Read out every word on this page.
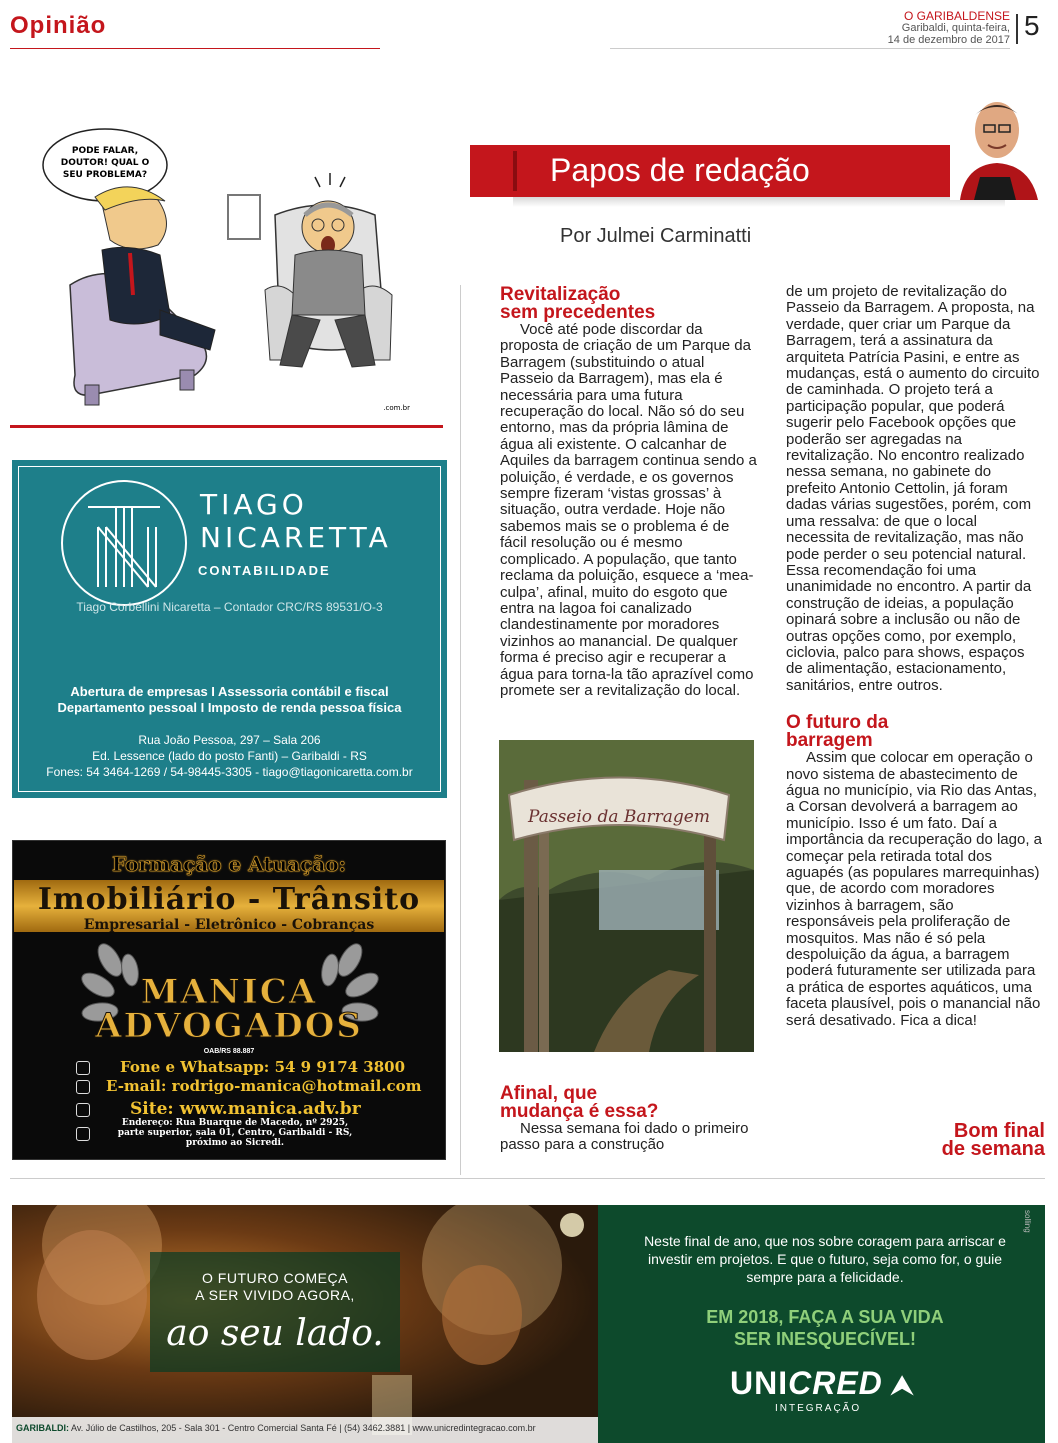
Opinião	O GARIBALDENSE
Garibaldi, quinta-feira,
14 de dezembro de 2017 5
PODE FALAR,
DOUTOR! QUAL O
SEU PROBLEMA?
.com.br
Papos de redação
Por Julmei Carminatti
Revitalização
sem precedentes

Você até pode discordar da proposta de criação de um Parque da Barragem (substituindo o atual Passeio da Barragem), mas ela é necessária para uma futura recuperação do local. Não só do seu entorno, mas da própria lâmina de água ali existente. O calcanhar de Aquiles da barragem continua sendo a poluição, é verdade, e os governos sempre fizeram ‘vistas grossas’ à situação, outra verdade. Hoje não sabemos mais se o problema é de fácil resolução ou é mesmo complicado. A população, que tanto reclama da poluição, esquece a ‘mea-culpa’, afinal, muito do esgoto que entra na lagoa foi canalizado clandestinamente por moradores vizinhos ao manancial. De qualquer forma é preciso agir e recuperar a água para torna-la tão aprazível como promete ser a revitalização do local.

Passeio da Barragem

de um projeto de revitalização do Passeio da Barragem. A proposta, na verdade, quer criar um Parque da Barragem, terá a assinatura da arquiteta Patrícia Pasini, e entre as mudanças, está o aumento do circuito de caminhada. O projeto terá a participação popular, que poderá sugerir pelo Facebook opções que poderão ser agregadas na revitalização. No encontro realizado nessa semana, no gabinete do prefeito Antonio Cettolin, já foram dadas várias sugestões, porém, com uma ressalva: de que o local necessita de revitalização, mas não pode perder o seu potencial natural. Essa recomendação foi uma unanimidade no encontro. A partir da construção de ideias, a população opinará sobre a inclusão ou não de outras opções como, por exemplo, ciclovia, palco para shows, espaços de alimentação, estacionamento, sanitários, entre outros.

O futuro da
barragem

Assim que colocar em operação o novo sistema de abastecimento de água no município, via Rio das Antas, a Corsan devolverá a barragem ao município. Isso é um fato. Daí a importância da recuperação do lago, a começar pela retirada total dos aguapés (as populares marrequinhas) que, de acordo com moradores vizinhos à barragem, são responsáveis pela proliferação de mosquitos. Mas não é só pela despoluição da água, a barragem poderá futuramente ser utilizada para a prática de esportes aquáticos, uma faceta plausível, pois o manancial não será desativado. Fica a dica!

Afinal, que
mudança é essa?

Nessa semana foi dado o primeiro passo para a construção

Bom final
de semana
TIAGO
NICARETTA
CONTABILIDADE
Tiago Corbellini Nicaretta – Contador CRC/RS 89531/O-3
Abertura de empresas I Assessoria contábil e fiscal
Departamento pessoal I Imposto de renda pessoa física
Rua João Pessoa, 297 – Sala 206
Ed. Lessence (lado do posto Fanti) – Garibaldi - RS
Fones: 54 3464-1269 / 54-98445-3305 - tiago@tiagonicaretta.com.br
Formação e Atuação:
Imobiliário - Trânsito
Empresarial - Eletrônico - Cobranças
MANICA
ADVOGADOS
OAB/RS 88.887
Fone e Whatsapp: 54 9 9174 3800
E-mail: rodrigo-manica@hotmail.com
Site: www.manica.adv.br
Endereço: Rua Buarque de Macedo, nº 2925,
parte superior, sala 01, Centro, Garibaldi - RS,
próximo ao Sicredi.
O FUTURO COMEÇA
A SER VIVIDO AGORA,
ao seu lado.
Neste final de ano, que nos sobre coragem para arriscar e
investir em projetos. E que o futuro, seja como for, o guie
sempre para a felicidade.
EM 2018, FAÇA A SUA VIDA
SER INESQUECÍVEL!
UNICRED ⮝
INTEGRAÇÃO
solling
GARIBALDI: Av. Júlio de Castilhos, 205 - Sala 301 - Centro Comercial Santa Fé | (54) 3462.3881 | www.unicredintegracao.com.br
